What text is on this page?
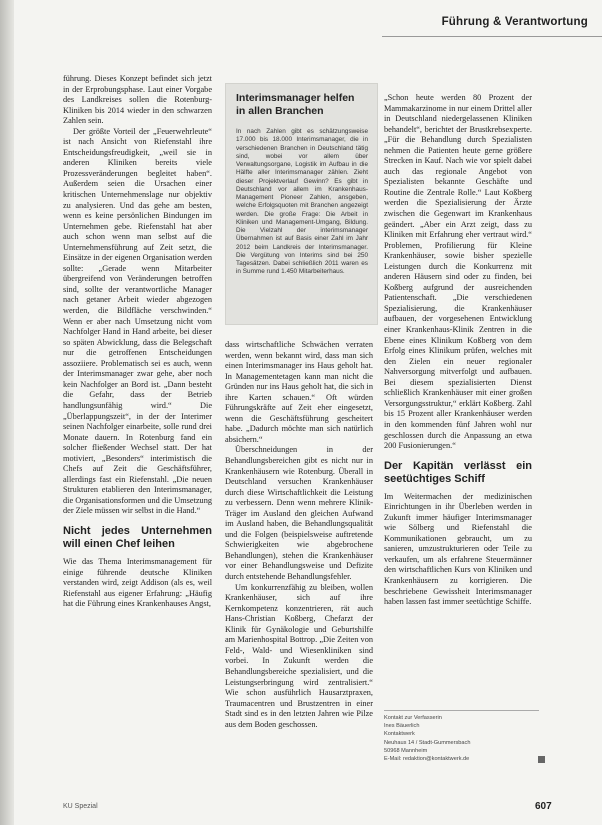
Führung & Verantwortung

führung. Dieses Konzept befindet sich jetzt in der Erprobungsphase. Laut einer Vorgabe des Landkreises sollen die Rotenburg-Kliniken bis 2014 wieder in den schwarzen Zahlen sein.

Der größte Vorteil der „Feuerwehrleute“ ist nach Ansicht von Riefenstahl ihre Entscheidungsfreudigkeit, „weil sie in anderen Kliniken bereits viele Prozessveränderungen begleitet haben“. Außerdem seien die Ursachen einer kritischen Unternehmenslage nur objektiv zu analysieren. Und das gehe am besten, wenn es keine persönlichen Bindungen im Unternehmen gebe. Riefenstahl hat aber auch schon wenn man selbst auf die Unternehmensführung auf Zeit setzt, die Einsätze in der eigenen Organisation werden sollte: „Gerade wenn Mitarbeiter übergreifend von Veränderungen betroffen sind, sollte der verantwortliche Manager nach getaner Arbeit wieder abgezogen werden, die Bildfläche verschwinden.“ Wenn er aber nach Umsetzung nicht vom Nachfolger Hand in Hand arbeite, bei dieser so späten Abwicklung, dass die Belegschaft nur die getroffenen Entscheidungen assoziiere. Problematisch sei es auch, wenn der Interimsmanager zwar gehe, aber noch kein Nachfolger an Bord ist. „Dann besteht die Gefahr, dass der Betrieb handlungsunfähig wird.“ Die „Überlappungszeit“, in der der Interimer seinen Nachfolger einarbeite, solle rund drei Monate dauern. In Rotenburg fand ein solcher fließender Wechsel statt. Der hat motiviert, „Besonders“ interimistisch die Chefs auf Zeit die Geschäftsführer, allerdings fast ein Riefenstahl. „Die neuen Strukturen etablieren den Interimsmanager, die Organisationsformen und die Umsetzung der Ziele müssen wir selbst in die Hand.“

Nicht jedes Unternehmen will einen Chef leihen

Wie das Thema Interimsmanagement für einige führende deutsche Kliniken verstanden wird, zeigt Addison (als es, weil Riefenstahl aus eigener Erfahrung: „Häufig hat die Führung eines Krankenhauses Angst,

Interimsmanager helfen
in allen Branchen
In nach Zahlen gibt es schätzungsweise 17.000 bis 18.000 Interimsmanager, die in verschiedenen Branchen in Deutschland tätig sind, wobei vor allem über Verwaltungsorgane, Logistik im Aufbau in die Hälfte aller Interimsmanager zählen. Zieht dieser Projektverlauf Gewinn? Es gibt in Deutschland vor allem im Krankenhaus-Management Pioneer Zahlen, ansgeben, welche Erfolgsquoten mit Branchen angezeigt werden. Die große Frage: Die Arbeit in Kliniken und Management-Umgang, Bildung. Die Vielzahl der interimsmanager Übernahmen ist auf Basis einer Zahl im Jahr 2012 beim Landkreis der Interimsmanager. Die Vergütung von Interims sind bei 250 Tagesätzen. Dabei schließlich 2011 waren es in Summe rund 1.450 Mitarbeiterhaus.

dass wirtschaftliche Schwächen verraten werden, wenn bekannt wird, dass man sich einen Interimsmanager ins Haus geholt hat. In Managementetagen kann man nicht die Gründen nur ins Haus geholt hat, die sich in ihre Karten schauen.“ Oft würden Führungskräfte auf Zeit eher eingesetzt, wenn die Geschäftsführung gescheitert habe. „Dadurch möchte man sich natürlich absichern.“

Überschneidungen in der Behandlungsbereichen gibt es nicht nur in Krankenhäusern wie Rotenburg. Überall in Deutschland versuchen Krankenhäuser durch diese Wirtschaftlichkeit die Leistung zu verbessern. Denn wenn mehrere Klinik-Träger im Ausland den gleichen Aufwand im Ausland haben, die Behandlungsqualität und die Folgen (beispielsweise auftretende Schwierigkeiten wie abgebrochene Behandlungen), stehen die Krankenhäuser vor einer Behandlungsweise und Defizite durch entstehende Behandlungsfehler.

Um konkurrenzfähig zu bleiben, wollen Krankenhäuser, sich auf ihre Kernkompetenz konzentrieren, rät auch Hans-Christian Koßberg, Chefarzt der Klinik für Gynäkologie und Geburtshilfe am Marienhospital Bottrop. „Die Zeiten von Feld-, Wald- und Wiesenkliniken sind vorbei. In Zukunft werden die Behandlungsbereiche spezialisiert, und die Leistungserbringung wird zentralisiert.“ Wie schon ausführlich Hausarztpraxen, Traumacentren und Brustzentren in einer Stadt sind es in den letzten Jahren wie Pilze aus dem Boden geschossen.

„Schon heute werden 80 Prozent der Mammakarzinome in nur einem Drittel aller in Deutschland niedergelassenen Kliniken behandelt“, berichtet der Brustkrebsexperte. „Für die Behandlung durch Spezialisten nehmen die Patienten heute gerne größere Strecken in Kauf. Nach wie vor spielt dabei auch das regionale Angebot von Spezialisten bekannte Geschäfte und Routine die Zentrale Rolle.“ Laut Koßberg werden die Spezialisierung der Ärzte zwischen die Gegenwart im Krankenhaus geändert. „Aber ein Arzt zeigt, dass zu Kliniken mit Erfahrung eher vertraut wird.“ Problemen, Profilierung für Kleine Krankenhäuser, sowie bisher spezielle Leistungen durch die Konkurrenz mit anderen Häusern sind oder zu finden, bei Koßberg aufgrund der ausreichenden Patientenschaft. „Die verschiedenen Spezialisierung, die Krankenhäuser aufbauen, der vorgesehenen Entwicklung einer Krankenhaus-Klinik Zentren in die Ebene eines Klinikum Koßberg von dem Erfolg eines Klinikum prüfen, welches mit den Zielen ein neuer regionaler Nahversorgung mitverfolgt und aufbauen. Bei diesem spezialisierten Dienst schließlich Krankenhäuser mit einer großen Versorgungsstruktur,“ erklärt Koßberg. Zahl bis 15 Prozent aller Krankenhäuser werden in den kommenden fünf Jahren wohl nur geschlossen durch die Anpassung an etwa 200 Fusionierungen.“

Der Kapitän verlässt ein seetüchtiges Schiff

Im Weitermachen der medizinischen Einrichtungen in ihr Überleben werden in Zukunft immer häufiger Interimsmanager wie Sölberg und Riefenstahl die Kommunikationen gebraucht, um zu sanieren, umzustrukturieren oder Teile zu verkaufen, um als erfahrene Steuermänner den wirtschaftlichen Kurs von Kliniken und Krankenhäusern zu korrigieren. Die beschriebene Gewissheit Interimsmanager haben lassen fast immer seetüchtige Schiffe.

Kontakt zur Verfasserin
Ines Bäuerlich
Kontaktwerk
Neuhaus 14 / Stadt-Gummersbach
50968 Mannheim
E-Mail: redaktion@kontaktwerk.de
KU Spezial	607
